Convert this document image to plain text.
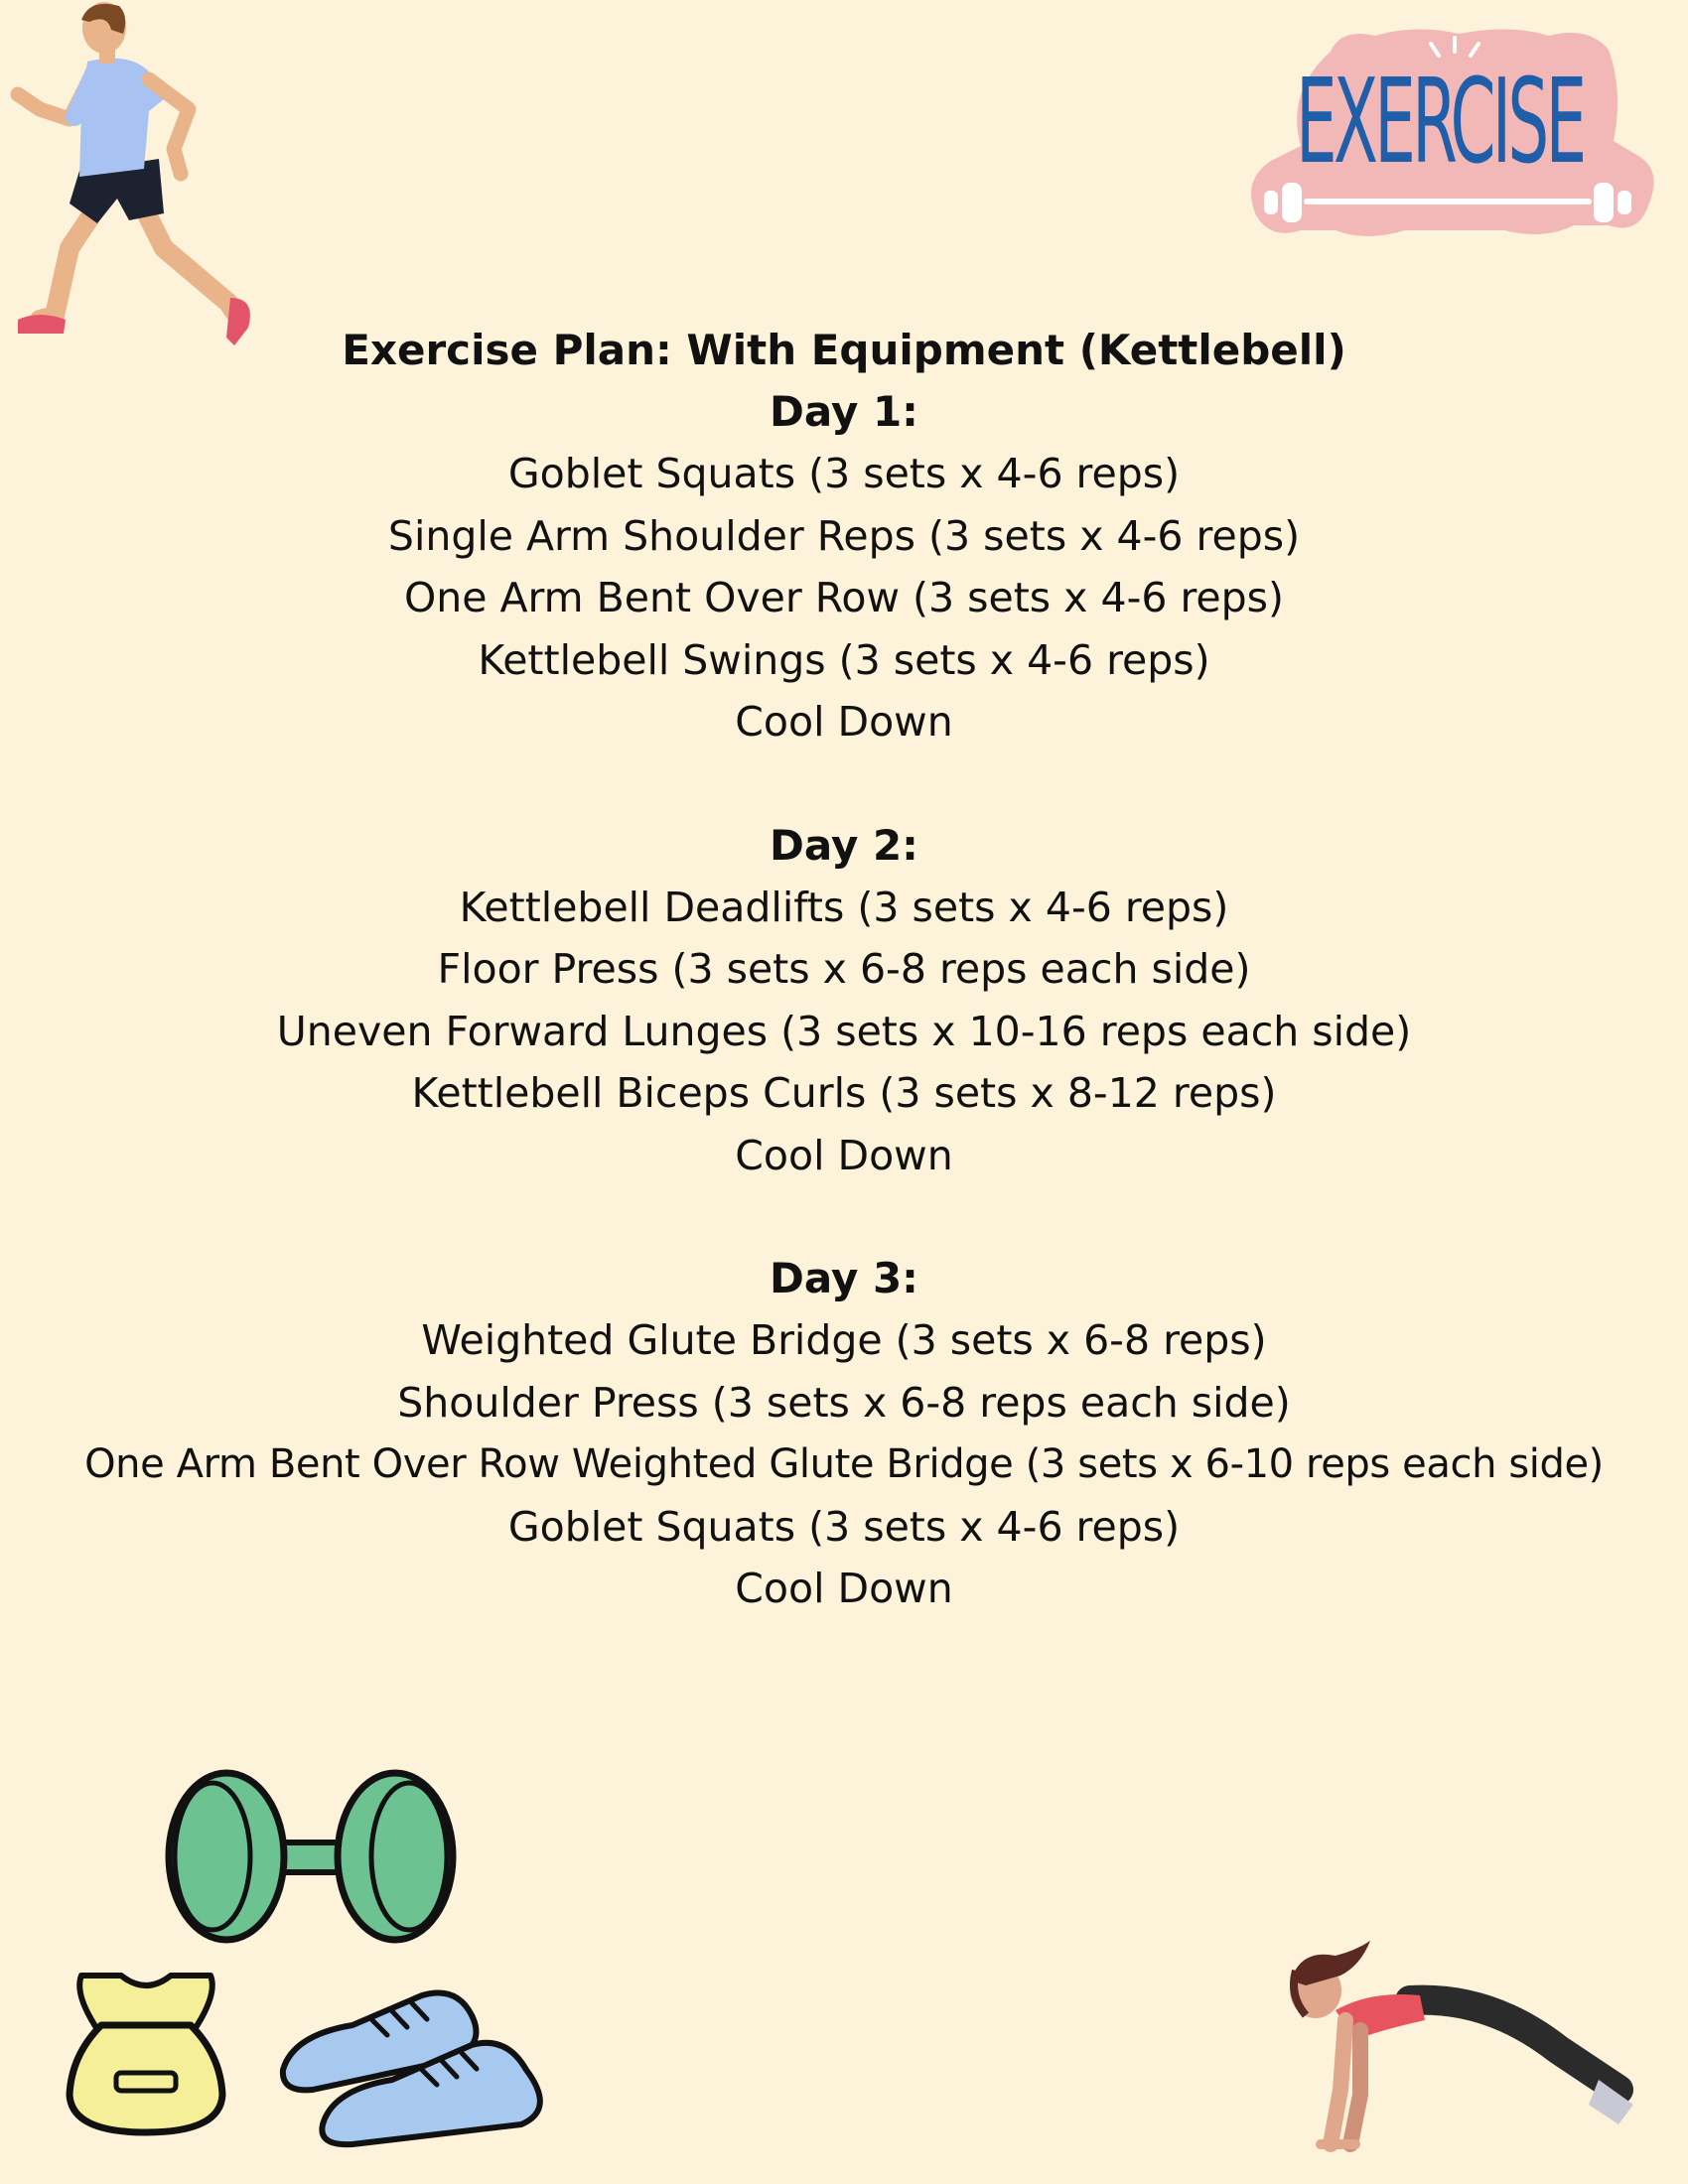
EXERCISE
Exercise Plan: With Equipment (Kettlebell)
Day 1:
Goblet Squats (3 sets x 4-6 reps)
Single Arm Shoulder Reps (3 sets x 4-6 reps)
One Arm Bent Over Row (3 sets x 4-6 reps)
Kettlebell Swings (3 sets x 4-6 reps)
Cool Down
Day 2:
Kettlebell Deadlifts (3 sets x 4-6 reps)
Floor Press (3 sets x 6-8 reps each side)
Uneven Forward Lunges (3 sets x 10-16 reps each side)
Kettlebell Biceps Curls (3 sets x 8-12 reps)
Cool Down
Day 3:
Weighted Glute Bridge (3 sets x 6-8 reps)
Shoulder Press (3 sets x 6-8 reps each side)
One Arm Bent Over Row Weighted Glute Bridge (3 sets x 6-10 reps each side)
Goblet Squats (3 sets x 4-6 reps)
Cool Down
